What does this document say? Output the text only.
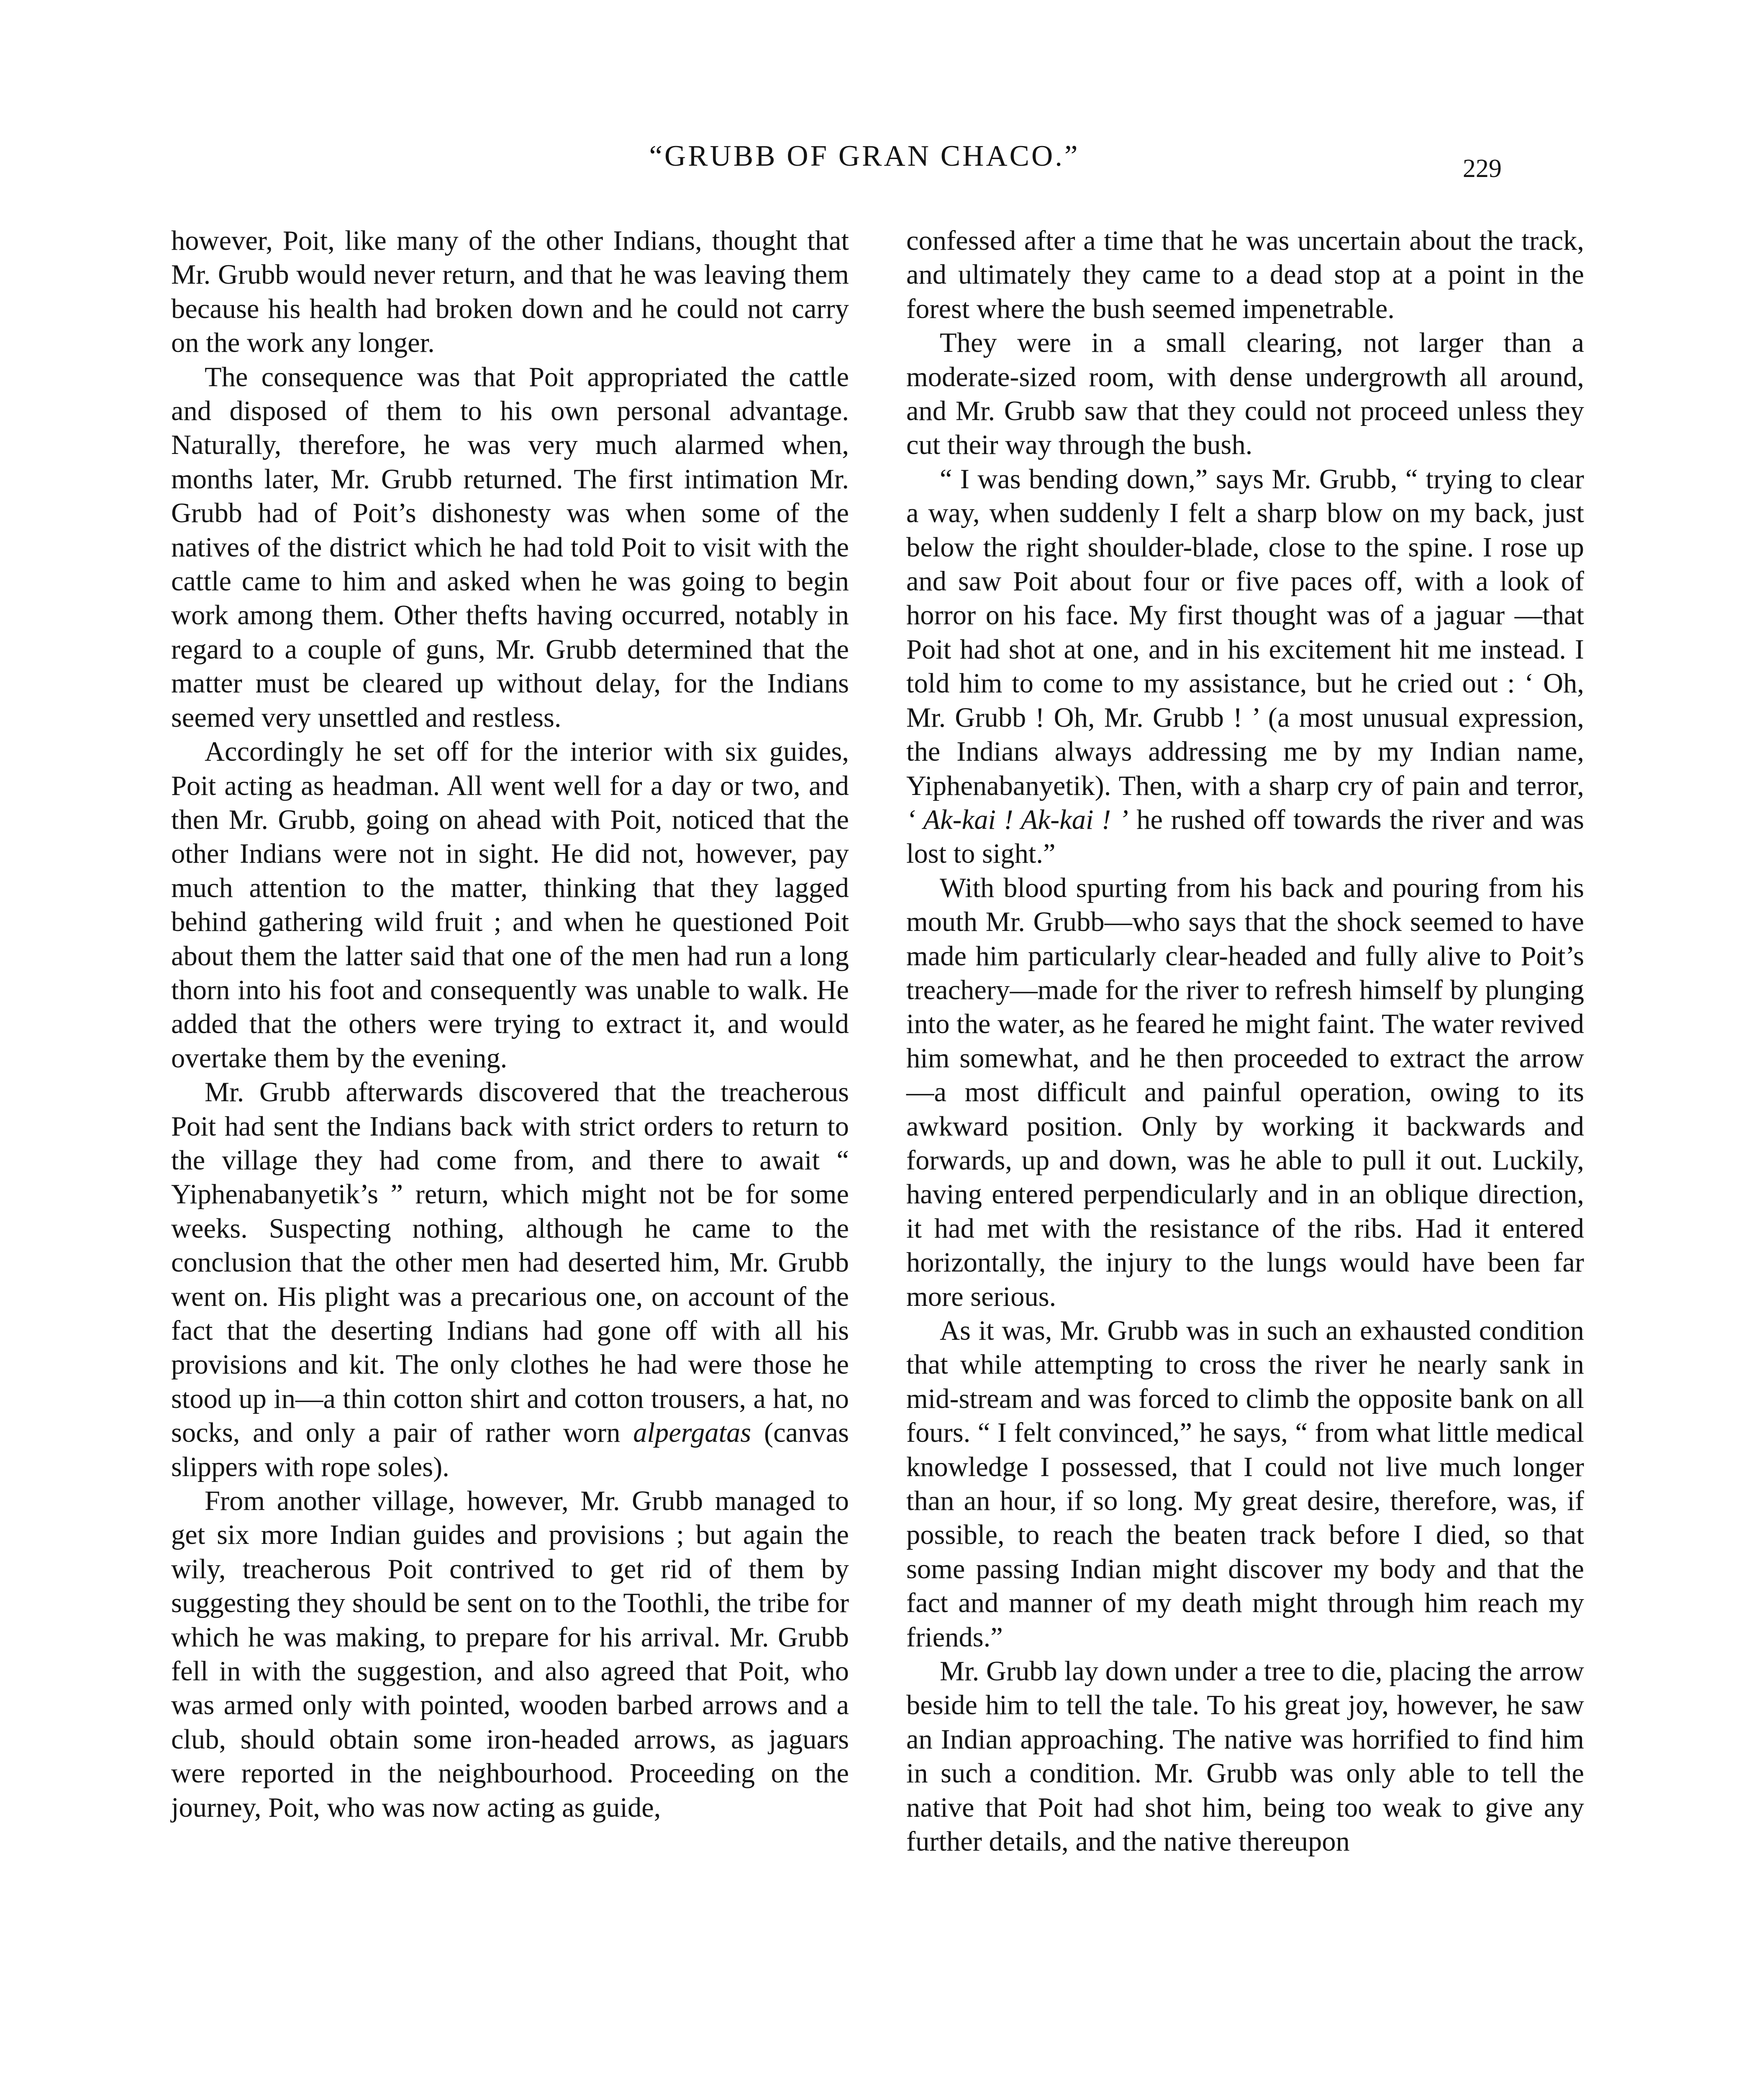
“GRUBB OF GRAN CHACO.”	229

however, Poit, like many of the other Indians, thought that Mr. Grubb would never return, and that he was leaving them because his health had broken down and he could not carry on the work any longer.

The consequence was that Poit appropriated the cattle and disposed of them to his own personal advantage. Naturally, therefore, he was very much alarmed when, months later, Mr. Grubb returned. The first intimation Mr. Grubb had of Poit’s dishonesty was when some of the natives of the district which he had told Poit to visit with the cattle came to him and asked when he was going to begin work among them. Other thefts having occurred, notably in regard to a couple of guns, Mr. Grubb determined that the matter must be cleared up without delay, for the Indians seemed very unsettled and restless.

Accordingly he set off for the interior with six guides, Poit acting as headman. All went well for a day or two, and then Mr. Grubb, going on ahead with Poit, noticed that the other Indians were not in sight. He did not, however, pay much attention to the matter, thinking that they lagged behind gathering wild fruit ; and when he questioned Poit about them the latter said that one of the men had run a long thorn into his foot and consequently was unable to walk. He added that the others were trying to extract it, and would overtake them by the evening.

Mr. Grubb afterwards discovered that the treacherous Poit had sent the Indians back with strict orders to return to the village they had come from, and there to await “ Yiphenabanyetik’s ” return, which might not be for some weeks. Suspecting nothing, although he came to the conclusion that the other men had deserted him, Mr. Grubb went on. His plight was a precarious one, on account of the fact that the deserting Indians had gone off with all his provisions and kit. The only clothes he had were those he stood up in—a thin cotton shirt and cotton trousers, a hat, no socks, and only a pair of rather worn alpergatas (canvas slippers with rope soles).

From another village, however, Mr. Grubb managed to get six more Indian guides and provisions ; but again the wily, treacherous Poit contrived to get rid of them by suggesting they should be sent on to the Toothli, the tribe for which he was making, to prepare for his arrival. Mr. Grubb fell in with the suggestion, and also agreed that Poit, who was armed only with pointed, wooden barbed arrows and a club, should obtain some iron-headed arrows, as jaguars were reported in the neighbourhood. Proceeding on the journey, Poit, who was now acting as guide,

confessed after a time that he was uncertain about the track, and ultimately they came to a dead stop at a point in the forest where the bush seemed impenetrable.

They were in a small clearing, not larger than a moderate-sized room, with dense undergrowth all around, and Mr. Grubb saw that they could not proceed unless they cut their way through the bush.

“ I was bending down,” says Mr. Grubb, “ trying to clear a way, when suddenly I felt a sharp blow on my back, just below the right shoulder-blade, close to the spine. I rose up and saw Poit about four or five paces off, with a look of horror on his face. My first thought was of a jaguar —that Poit had shot at one, and in his excitement hit me instead. I told him to come to my assistance, but he cried out : ‘ Oh, Mr. Grubb ! Oh, Mr. Grubb ! ’ (a most unusual expression, the Indians always addressing me by my Indian name, Yiphenabanyetik). Then, with a sharp cry of pain and terror, ‘ Ak-kai ! Ak-kai ! ’ he rushed off towards the river and was lost to sight.”

With blood spurting from his back and pouring from his mouth Mr. Grubb—who says that the shock seemed to have made him particularly clear-headed and fully alive to Poit’s treachery—made for the river to refresh himself by plunging into the water, as he feared he might faint. The water revived him somewhat, and he then proceeded to extract the arrow—a most difficult and painful operation, owing to its awkward position. Only by working it backwards and forwards, up and down, was he able to pull it out. Luckily, having entered perpendicularly and in an oblique direction, it had met with the resistance of the ribs. Had it entered horizontally, the injury to the lungs would have been far more serious.

As it was, Mr. Grubb was in such an exhausted condition that while attempting to cross the river he nearly sank in mid-stream and was forced to climb the opposite bank on all fours. “ I felt convinced,” he says, “ from what little medical knowledge I possessed, that I could not live much longer than an hour, if so long. My great desire, therefore, was, if possible, to reach the beaten track before I died, so that some passing Indian might discover my body and that the fact and manner of my death might through him reach my friends.”

Mr. Grubb lay down under a tree to die, placing the arrow beside him to tell the tale. To his great joy, however, he saw an Indian approaching. The native was horrified to find him in such a condition. Mr. Grubb was only able to tell the native that Poit had shot him, being too weak to give any further details, and the native thereupon
